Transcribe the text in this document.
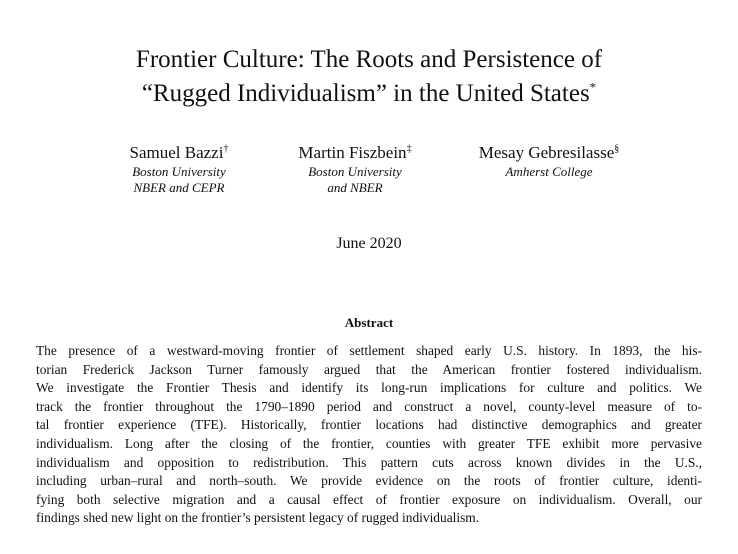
Frontier Culture: The Roots and Persistence of
“Rugged Individualism” in the United States*
Samuel Bazzi†
Boston University
NBER and CEPR
Martin Fiszbein‡
Boston University
and NBER
Mesay Gebresilasse§
Amherst College
June 2020
Abstract
The presence of a westward-moving frontier of settlement shaped early U.S. history. In 1893, the his-
torian Frederick Jackson Turner famously argued that the American frontier fostered individualism.
We investigate the Frontier Thesis and identify its long-run implications for culture and politics. We
track the frontier throughout the 1790–1890 period and construct a novel, county-level measure of to-
tal frontier experience (TFE). Historically, frontier locations had distinctive demographics and greater
individualism. Long after the closing of the frontier, counties with greater TFE exhibit more pervasive
individualism and opposition to redistribution. This pattern cuts across known divides in the U.S.,
including urban–rural and north–south. We provide evidence on the roots of frontier culture, identi-
fying both selective migration and a causal effect of frontier exposure on individualism. Overall, our
findings shed new light on the frontier’s persistent legacy of rugged individualism.
